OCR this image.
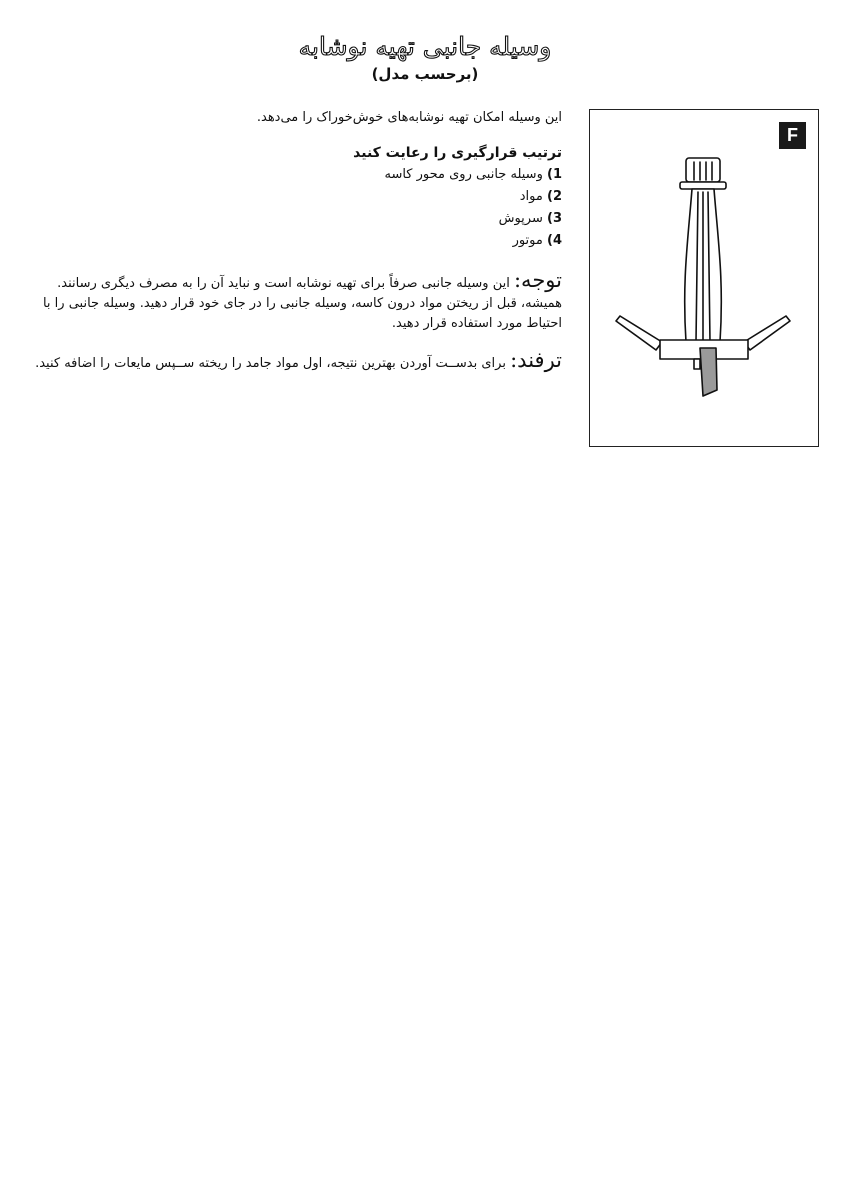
وسیله جانبی تهیه نوشابه
(برحسب مدل)

این وسیله امکان تهیه نوشابه‌های خوش‌خوراک را می‌دهد.

ترتیب قرارگیری را رعایت کنید

1) وسیله جانبی روی محور کاسه
2) مواد
3) سرپوش
4) موتور

توجه: این وسیله جانبی صرفاً برای تهیه نوشابه است و نباید آن را به مصرف دیگری رسانند. همیشه، قبل از ریختن مواد درون کاسه، وسیله جانبی را در جای خود قرار دهید. وسیله جانبی را با احتیاط مورد استفاده قرار دهید.

ترفند: برای بدســت آوردن بهترین نتیجه، اول مواد جامد را ریخته ســپس مایعات را اضافه کنید.

F
